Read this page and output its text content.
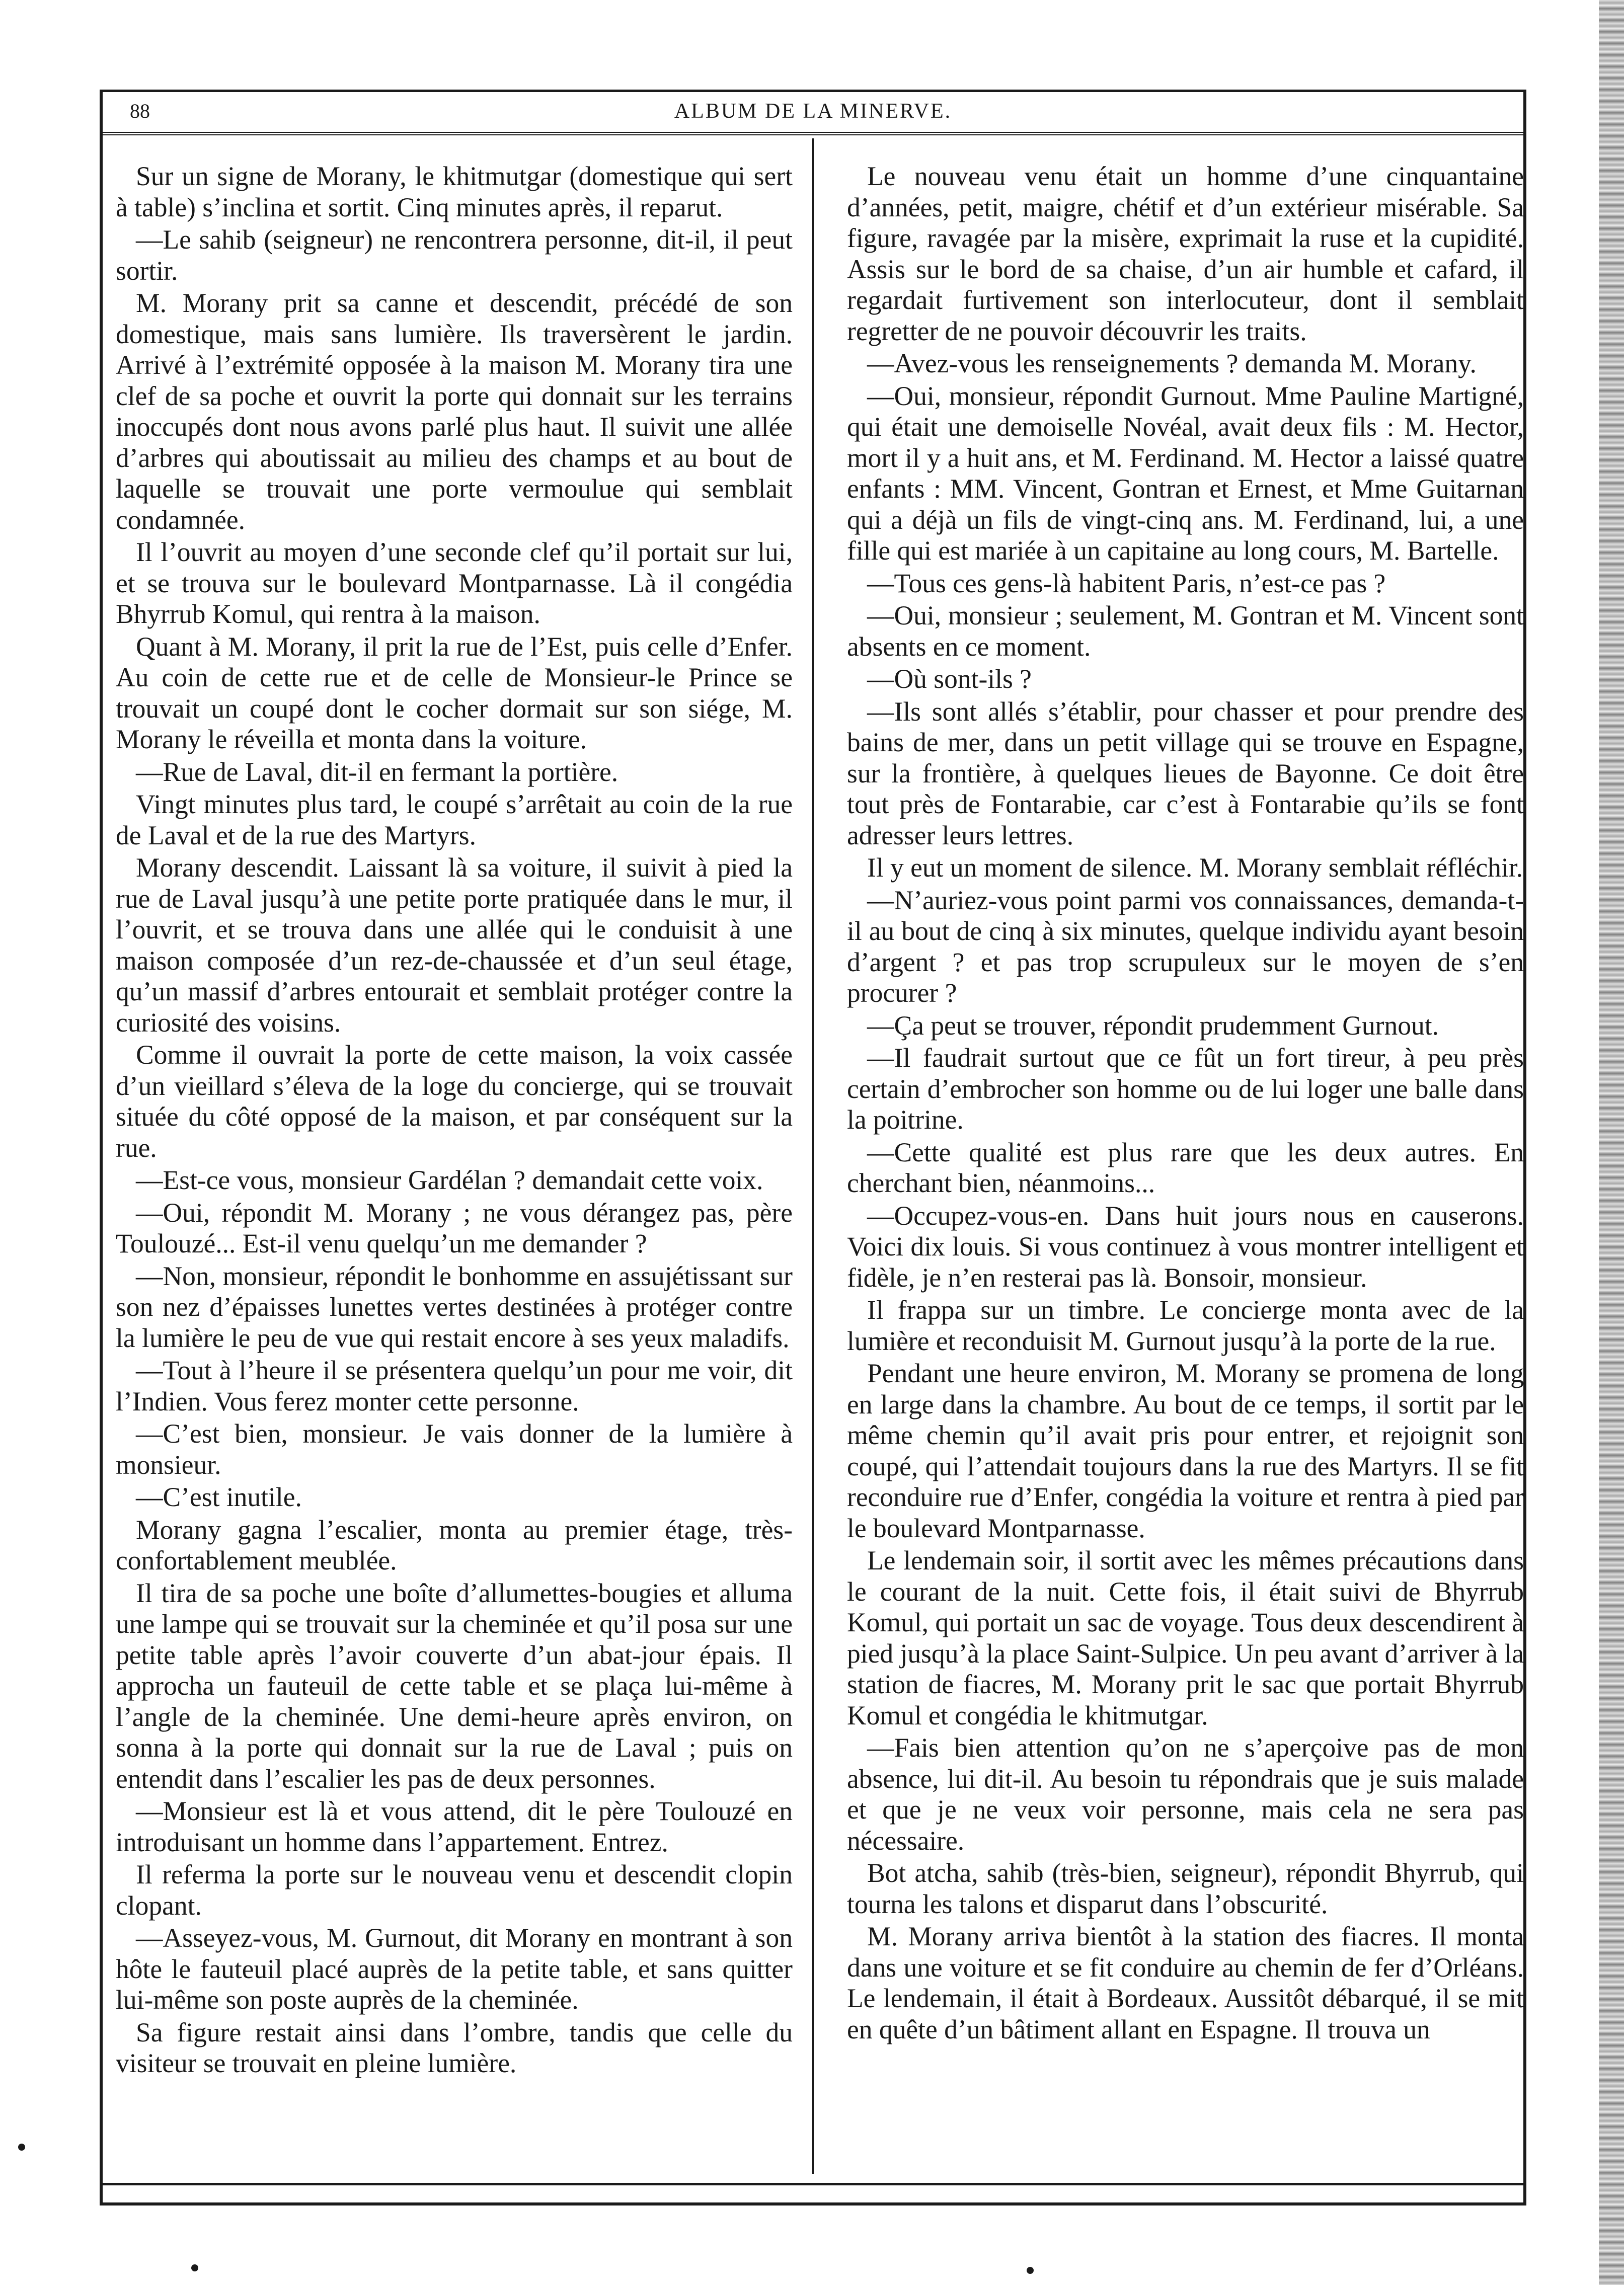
88	ALBUM DE LA MINERVE.

Sur un signe de Morany, le khitmutgar (domestique qui sert à table) s’inclina et sortit. Cinq minutes après, il reparut.

—Le sahib (seigneur) ne rencontrera personne, dit-il, il peut sortir.

M. Morany prit sa canne et descendit, précédé de son domestique, mais sans lumière. Ils traversèrent le jardin. Arrivé à l’extrémité opposée à la maison M. Morany tira une clef de sa poche et ouvrit la porte qui donnait sur les terrains inoccupés dont nous avons parlé plus haut. Il suivit une allée d’arbres qui aboutissait au milieu des champs et au bout de laquelle se trouvait une porte vermoulue qui semblait condamnée.

Il l’ouvrit au moyen d’une seconde clef qu’il portait sur lui, et se trouva sur le boulevard Montparnasse. Là il congédia Bhyrrub Komul, qui rentra à la maison.

Quant à M. Morany, il prit la rue de l’Est, puis celle d’Enfer. Au coin de cette rue et de celle de Monsieur-le Prince se trouvait un coupé dont le cocher dormait sur son siége, M. Morany le réveilla et monta dans la voiture.

—Rue de Laval, dit-il en fermant la portière.

Vingt minutes plus tard, le coupé s’arrêtait au coin de la rue de Laval et de la rue des Martyrs.

Morany descendit. Laissant là sa voiture, il suivit à pied la rue de Laval jusqu’à une petite porte pratiquée dans le mur, il l’ouvrit, et se trouva dans une allée qui le conduisit à une maison composée d’un rez-de-chaussée et d’un seul étage, qu’un massif d’arbres entourait et semblait protéger contre la curiosité des voisins.

Comme il ouvrait la porte de cette maison, la voix cassée d’un vieillard s’éleva de la loge du concierge, qui se trouvait située du côté opposé de la maison, et par conséquent sur la rue.

—Est-ce vous, monsieur Gardélan ? demandait cette voix.

—Oui, répondit M. Morany ; ne vous dérangez pas, père Toulouzé... Est-il venu quelqu’un me demander ?

—Non, monsieur, répondit le bonhomme en assujétissant sur son nez d’épaisses lunettes vertes destinées à protéger contre la lumière le peu de vue qui restait encore à ses yeux maladifs.

—Tout à l’heure il se présentera quelqu’un pour me voir, dit l’Indien. Vous ferez monter cette personne.

—C’est bien, monsieur. Je vais donner de la lumière à monsieur.

—C’est inutile.

Morany gagna l’escalier, monta au premier étage, très-confortablement meublée.

Il tira de sa poche une boîte d’allumettes-bougies et alluma une lampe qui se trouvait sur la cheminée et qu’il posa sur une petite table après l’avoir couverte d’un abat-jour épais. Il approcha un fauteuil de cette table et se plaça lui-même à l’angle de la cheminée. Une demi-heure après environ, on sonna à la porte qui donnait sur la rue de Laval ; puis on entendit dans l’escalier les pas de deux personnes.

—Monsieur est là et vous attend, dit le père Toulouzé en introduisant un homme dans l’appartement. Entrez.

Il referma la porte sur le nouveau venu et descendit clopin clopant.

—Asseyez-vous, M. Gurnout, dit Morany en montrant à son hôte le fauteuil placé auprès de la petite table, et sans quitter lui-même son poste auprès de la cheminée.

Sa figure restait ainsi dans l’ombre, tandis que celle du visiteur se trouvait en pleine lumière.

Le nouveau venu était un homme d’une cinquantaine d’années, petit, maigre, chétif et d’un extérieur misérable. Sa figure, ravagée par la misère, exprimait la ruse et la cupidité. Assis sur le bord de sa chaise, d’un air humble et cafard, il regardait furtivement son interlocuteur, dont il semblait regretter de ne pouvoir découvrir les traits.

—Avez-vous les renseignements ? demanda M. Morany.

—Oui, monsieur, répondit Gurnout. Mme Pauline Martigné, qui était une demoiselle Novéal, avait deux fils : M. Hector, mort il y a huit ans, et M. Ferdinand. M. Hector a laissé quatre enfants : MM. Vincent, Gontran et Ernest, et Mme Guitarnan qui a déjà un fils de vingt-cinq ans. M. Ferdinand, lui, a une fille qui est mariée à un capitaine au long cours, M. Bartelle.

—Tous ces gens-là habitent Paris, n’est-ce pas ?

—Oui, monsieur ; seulement, M. Gontran et M. Vincent sont absents en ce moment.

—Où sont-ils ?

—Ils sont allés s’établir, pour chasser et pour prendre des bains de mer, dans un petit village qui se trouve en Espagne, sur la frontière, à quelques lieues de Bayonne. Ce doit être tout près de Fontarabie, car c’est à Fontarabie qu’ils se font adresser leurs lettres.

Il y eut un moment de silence. M. Morany semblait réfléchir.

—N’auriez-vous point parmi vos connaissances, demanda-t-il au bout de cinq à six minutes, quelque individu ayant besoin d’argent ? et pas trop scrupuleux sur le moyen de s’en procurer ?

—Ça peut se trouver, répondit prudemment Gurnout.

—Il faudrait surtout que ce fût un fort tireur, à peu près certain d’embrocher son homme ou de lui loger une balle dans la poitrine.

—Cette qualité est plus rare que les deux autres. En cherchant bien, néanmoins...

—Occupez-vous-en. Dans huit jours nous en causerons. Voici dix louis. Si vous continuez à vous montrer intelligent et fidèle, je n’en resterai pas là. Bonsoir, monsieur.

Il frappa sur un timbre. Le concierge monta avec de la lumière et reconduisit M. Gurnout jusqu’à la porte de la rue.

Pendant une heure environ, M. Morany se promena de long en large dans la chambre. Au bout de ce temps, il sortit par le même chemin qu’il avait pris pour entrer, et rejoignit son coupé, qui l’attendait toujours dans la rue des Martyrs. Il se fit reconduire rue d’Enfer, congédia la voiture et rentra à pied par le boulevard Montparnasse.

Le lendemain soir, il sortit avec les mêmes précautions dans le courant de la nuit. Cette fois, il était suivi de Bhyrrub Komul, qui portait un sac de voyage. Tous deux descendirent à pied jusqu’à la place Saint-Sulpice. Un peu avant d’arriver à la station de fiacres, M. Morany prit le sac que portait Bhyrrub Komul et congédia le khitmutgar.

—Fais bien attention qu’on ne s’aperçoive pas de mon absence, lui dit-il. Au besoin tu répondrais que je suis malade et que je ne veux voir personne, mais cela ne sera pas nécessaire.

Bot atcha, sahib (très-bien, seigneur), répondit Bhyrrub, qui tourna les talons et disparut dans l’obscurité.

M. Morany arriva bientôt à la station des fiacres. Il monta dans une voiture et se fit conduire au chemin de fer d’Orléans. Le lendemain, il était à Bordeaux. Aussitôt débarqué, il se mit en quête d’un bâtiment allant en Espagne. Il trouva un
